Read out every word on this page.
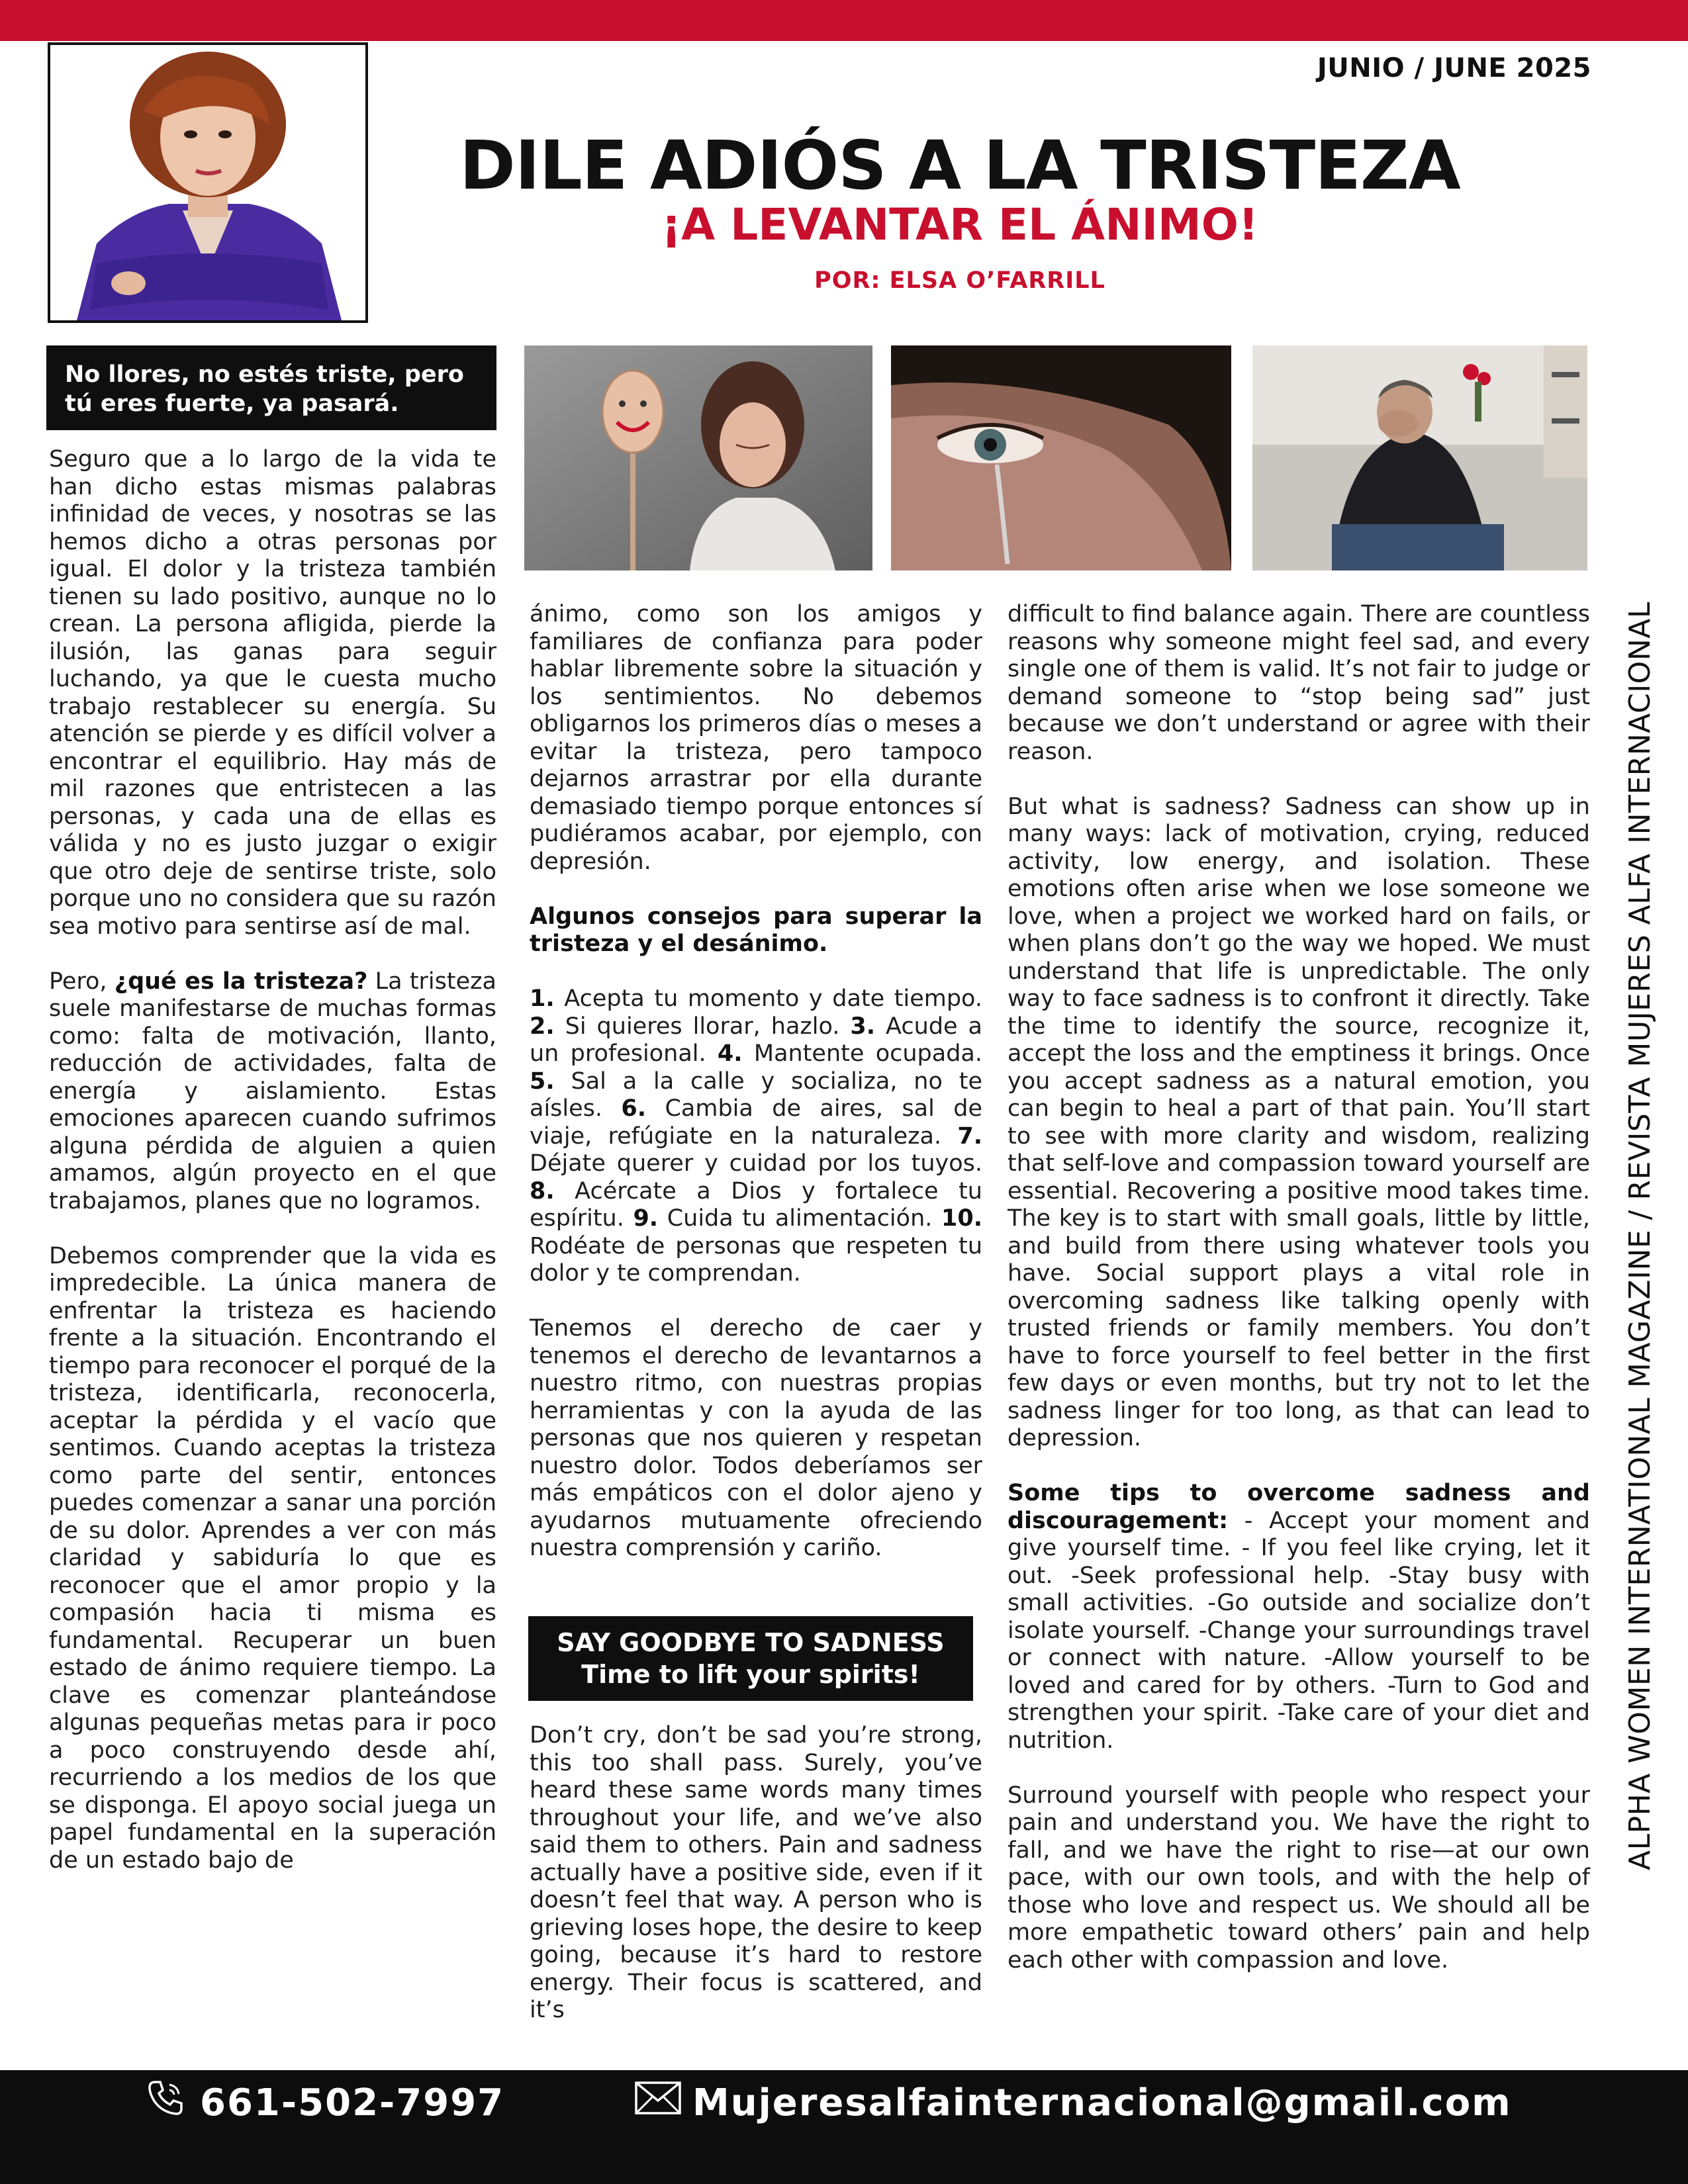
JUNIO / JUNE 2025
DILE ADIÓS A LA TRISTEZA
¡A LEVANTAR EL ÁNIMO!
POR: ELSA O’FARRILL
No llores, no estés triste, pero
tú eres fuerte, ya pasará.

Seguro que a lo largo de la vida te han dicho estas mismas palabras infinidad de veces, y nosotras se las hemos dicho a otras personas por igual. El dolor y la tristeza también tienen su lado positivo, aunque no lo crean. La persona afligida, pierde la ilusión, las ganas para seguir luchando, ya que le cuesta mucho trabajo restablecer su energía. Su atención se pierde y es difícil volver a encontrar el equilibrio. Hay más de mil razones que entristecen a las personas, y cada una de ellas es válida y no es justo juzgar o exigir que otro deje de sentirse triste, solo porque uno no considera que su razón sea motivo para sentirse así de mal.

Pero, ¿qué es la tristeza? La tristeza suele manifestarse de muchas formas como: falta de motivación, llanto, reducción de actividades, falta de energía y aislamiento. Estas emociones aparecen cuando sufrimos alguna pérdida de alguien a quien amamos, algún proyecto en el que trabajamos, planes que no logramos.

Debemos comprender que la vida es impredecible. La única manera de enfrentar la tristeza es haciendo frente a la situación. Encontrando el tiempo para reconocer el porqué de la tristeza, identificarla, reconocerla, aceptar la pérdida y el vacío que sentimos. Cuando aceptas la tristeza como parte del sentir, entonces puedes comenzar a sanar una porción de su dolor. Aprendes a ver con más claridad y sabiduría lo que es reconocer que el amor propio y la compasión hacia ti misma es fundamental. Recuperar un buen estado de ánimo requiere tiempo. La clave es comenzar planteándose algunas pequeñas metas para ir poco a poco construyendo desde ahí, recurriendo a los medios de los que se disponga. El apoyo social juega un papel fundamental en la superación de un estado bajo de

ánimo, como son los amigos y familiares de confianza para poder hablar libremente sobre la situación y los sentimientos. No debemos obligarnos los primeros días o meses a evitar la tristeza, pero tampoco dejarnos arrastrar por ella durante demasiado tiempo porque entonces sí pudiéramos acabar, por ejemplo, con depresión.

Algunos consejos para superar la tristeza y el desánimo.

1. Acepta tu momento y date tiempo. 2. Si quieres llorar, hazlo. 3. Acude a un profesional. 4. Mantente ocupada. 5. Sal a la calle y socializa, no te aísles. 6. Cambia de aires, sal de viaje, refúgiate en la naturaleza. 7. Déjate querer y cuidad por los tuyos. 8. Acércate a Dios y fortalece tu espíritu. 9. Cuida tu alimentación. 10. Rodéate de personas que respeten tu dolor y te comprendan.

Tenemos el derecho de caer y tenemos el derecho de levantarnos a nuestro ritmo, con nuestras propias herramientas y con la ayuda de las personas que nos quieren y respetan nuestro dolor. Todos deberíamos ser más empáticos con el dolor ajeno y ayudarnos mutuamente ofreciendo nuestra comprensión y cariño.

SAY GOODBYE TO SADNESS
Time to lift your spirits!

Don’t cry, don’t be sad you’re strong, this too shall pass. Surely, you’ve heard these same words many times throughout your life, and we’ve also said them to others. Pain and sadness actually have a positive side, even if it doesn’t feel that way. A person who is grieving loses hope, the desire to keep going, because it’s hard to restore energy. Their focus is scattered, and it’s

difficult to find balance again. There are countless reasons why someone might feel sad, and every single one of them is valid. It’s not fair to judge or demand someone to “stop being sad” just because we don’t understand or agree with their reason.

But what is sadness? Sadness can show up in many ways: lack of motivation, crying, reduced activity, low energy, and isolation. These emotions often arise when we lose someone we love, when a project we worked hard on fails, or when plans don’t go the way we hoped. We must understand that life is unpredictable. The only way to face sadness is to confront it directly. Take the time to identify the source, recognize it, accept the loss and the emptiness it brings. Once you accept sadness as a natural emotion, you can begin to heal a part of that pain. You’ll start to see with more clarity and wisdom, realizing that self-love and compassion toward yourself are essential. Recovering a positive mood takes time. The key is to start with small goals, little by little, and build from there using whatever tools you have. Social support plays a vital role in overcoming sadness like talking openly with trusted friends or family members. You don’t have to force yourself to feel better in the first few days or even months, but try not to let the sadness linger for too long, as that can lead to depression.

Some tips to overcome sadness and discouragement: - Accept your moment and give yourself time. - If you feel like crying, let it out. -Seek professional help. -Stay busy with small activities. -Go outside and socialize don’t isolate yourself. -Change your surroundings travel or connect with nature. -Allow yourself to be loved and cared for by others. -Turn to God and strengthen your spirit. -Take care of your diet and nutrition.

Surround yourself with people who respect your pain and understand you. We have the right to fall, and we have the right to rise—at our own pace, with our own tools, and with the help of those who love and respect us. We should all be more empathetic toward others’ pain and help each other with compassion and love.

ALPHA WOMEN INTERNATIONAL MAGAZINE / REVISTA MUJERES ALFA INTERNACIONAL
661-502-7997	Mujeresalfainternacional@gmail.com
